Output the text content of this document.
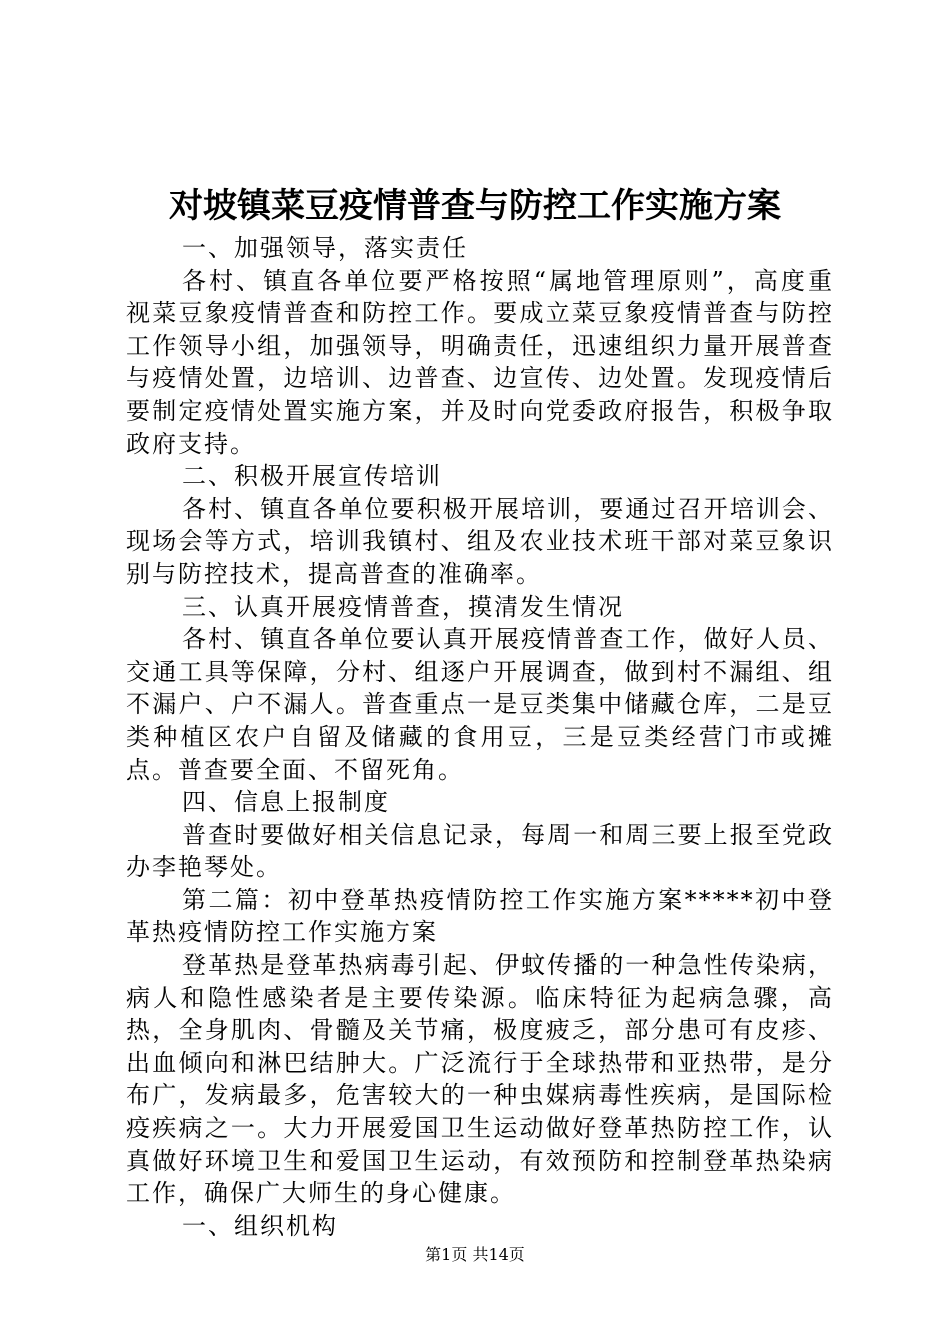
对坡镇菜豆疫情普查与防控工作实施方案

一、加强领导，落实责任

各村、镇直各单位要严格按照“属地管理原则”，高度重视菜豆象疫情普查和防控工作。要成立菜豆象疫情普查与防控工作领导小组，加强领导，明确责任，迅速组织力量开展普查与疫情处置，边培训、边普查、边宣传、边处置。发现疫情后要制定疫情处置实施方案，并及时向党委政府报告，积极争取政府支持。

二、积极开展宣传培训

各村、镇直各单位要积极开展培训，要通过召开培训会、现场会等方式，培训我镇村、组及农业技术班干部对菜豆象识别与防控技术，提高普查的准确率。

三、认真开展疫情普查，摸清发生情况

各村、镇直各单位要认真开展疫情普查工作，做好人员、交通工具等保障，分村、组逐户开展调查，做到村不漏组、组不漏户、户不漏人。普查重点一是豆类集中储藏仓库，二是豆类种植区农户自留及储藏的食用豆，三是豆类经营门市或摊点。普查要全面、不留死角。

四、信息上报制度

普查时要做好相关信息记录，每周一和周三要上报至党政办李艳琴处。

第二篇：初中登革热疫情防控工作实施方案*****初中登革热疫情防控工作实施方案

登革热是登革热病毒引起、伊蚊传播的一种急性传染病，病人和隐性感染者是主要传染源。临床特征为起病急骤，高热，全身肌肉、骨髓及关节痛，极度疲乏，部分患可有皮疹、出血倾向和淋巴结肿大。广泛流行于全球热带和亚热带，是分布广，发病最多，危害较大的一种虫媒病毒性疾病，是国际检疫疾病之一。大力开展爱国卫生运动做好登革热防控工作，认真做好环境卫生和爱国卫生运动，有效预防和控制登革热染病工作，确保广大师生的身心健康。

一、组织机构

第1页 共14页
